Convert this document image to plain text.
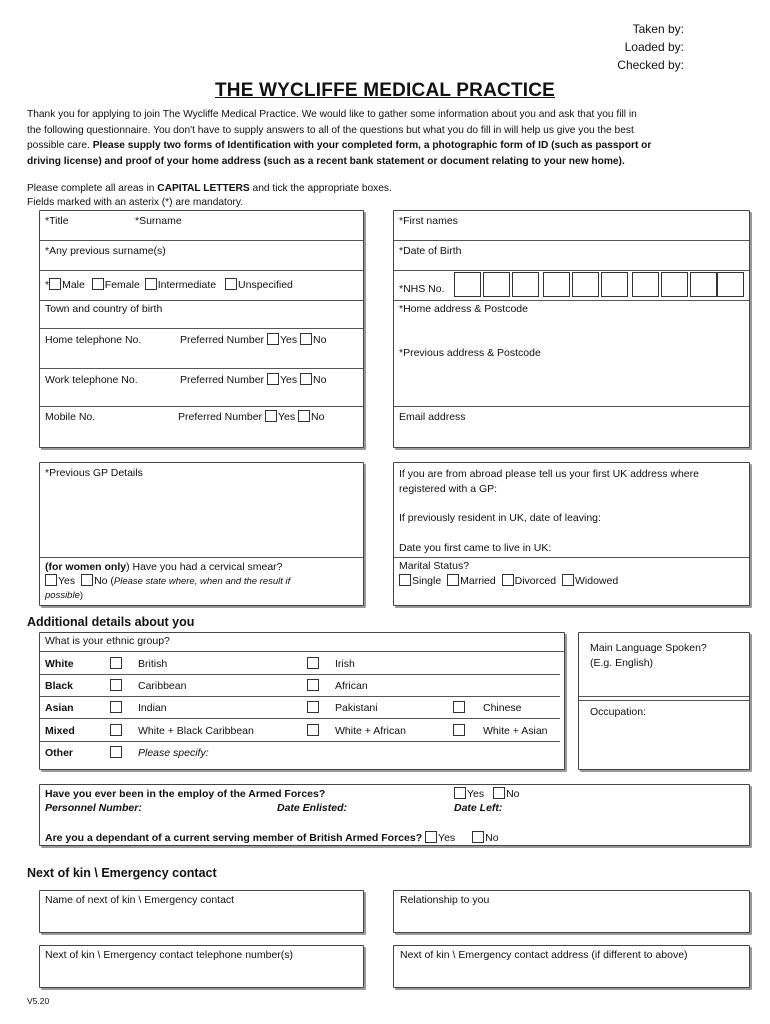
Taken by:
Loaded by:
Checked by:
THE WYCLIFFE MEDICAL PRACTICE
Thank you for applying to join The Wycliffe Medical Practice. We would like to gather some information about you and ask that you fill in
the following questionnaire. You don't have to supply answers to all of the questions but what you do fill in will help us give you the best
possible care. Please supply two forms of Identification with your completed form, a photographic form of ID (such as passport or
driving license) and proof of your home address (such as a recent bank statement or document relating to your new home).
Please complete all areas in CAPITAL LETTERS and tick the appropriate boxes.
Fields marked with an asterix (*) are mandatory.
*Title	*Surname
*Any previous surname(s)
* Male Female Intermediate Unspecified
Town and country of birth
Home telephone No.	Preferred Number Yes No
Work telephone No.	Preferred Number Yes No
Mobile No.	Preferred Number Yes No
*First names
*Date of Birth
*NHS No.
*Home address & Postcode
*Previous address & Postcode
Email address
*Previous GP Details
(for women only) Have you had a cervical smear?
Yes No (Please state where, when and the result if
possible)
If you are from abroad please tell us your first UK address where
registered with a GP:
If previously resident in UK, date of leaving:
Date you first came to live in UK:
Marital Status?
Single Married Divorced Widowed
Additional details about you
What is your ethnic group?
White	British	Irish
Black	Caribbean	African
Asian	Indian	Pakistani	Chinese
Mixed	White + Black Caribbean	White + African	White + Asian
Other	Please specify:
Main Language Spoken?
(E.g. English)
Occupation:
Have you ever been in the employ of the Armed Forces?	Yes No
Personnel Number:	Date Enlisted:	Date Left:
Are you a dependant of a current serving member of British Armed Forces? Yes	No
Next of kin \ Emergency contact
Name of next of kin \ Emergency contact	Relationship to you
Next of kin \ Emergency contact telephone number(s)	Next of kin \ Emergency contact address (if different to above)
V5.20
